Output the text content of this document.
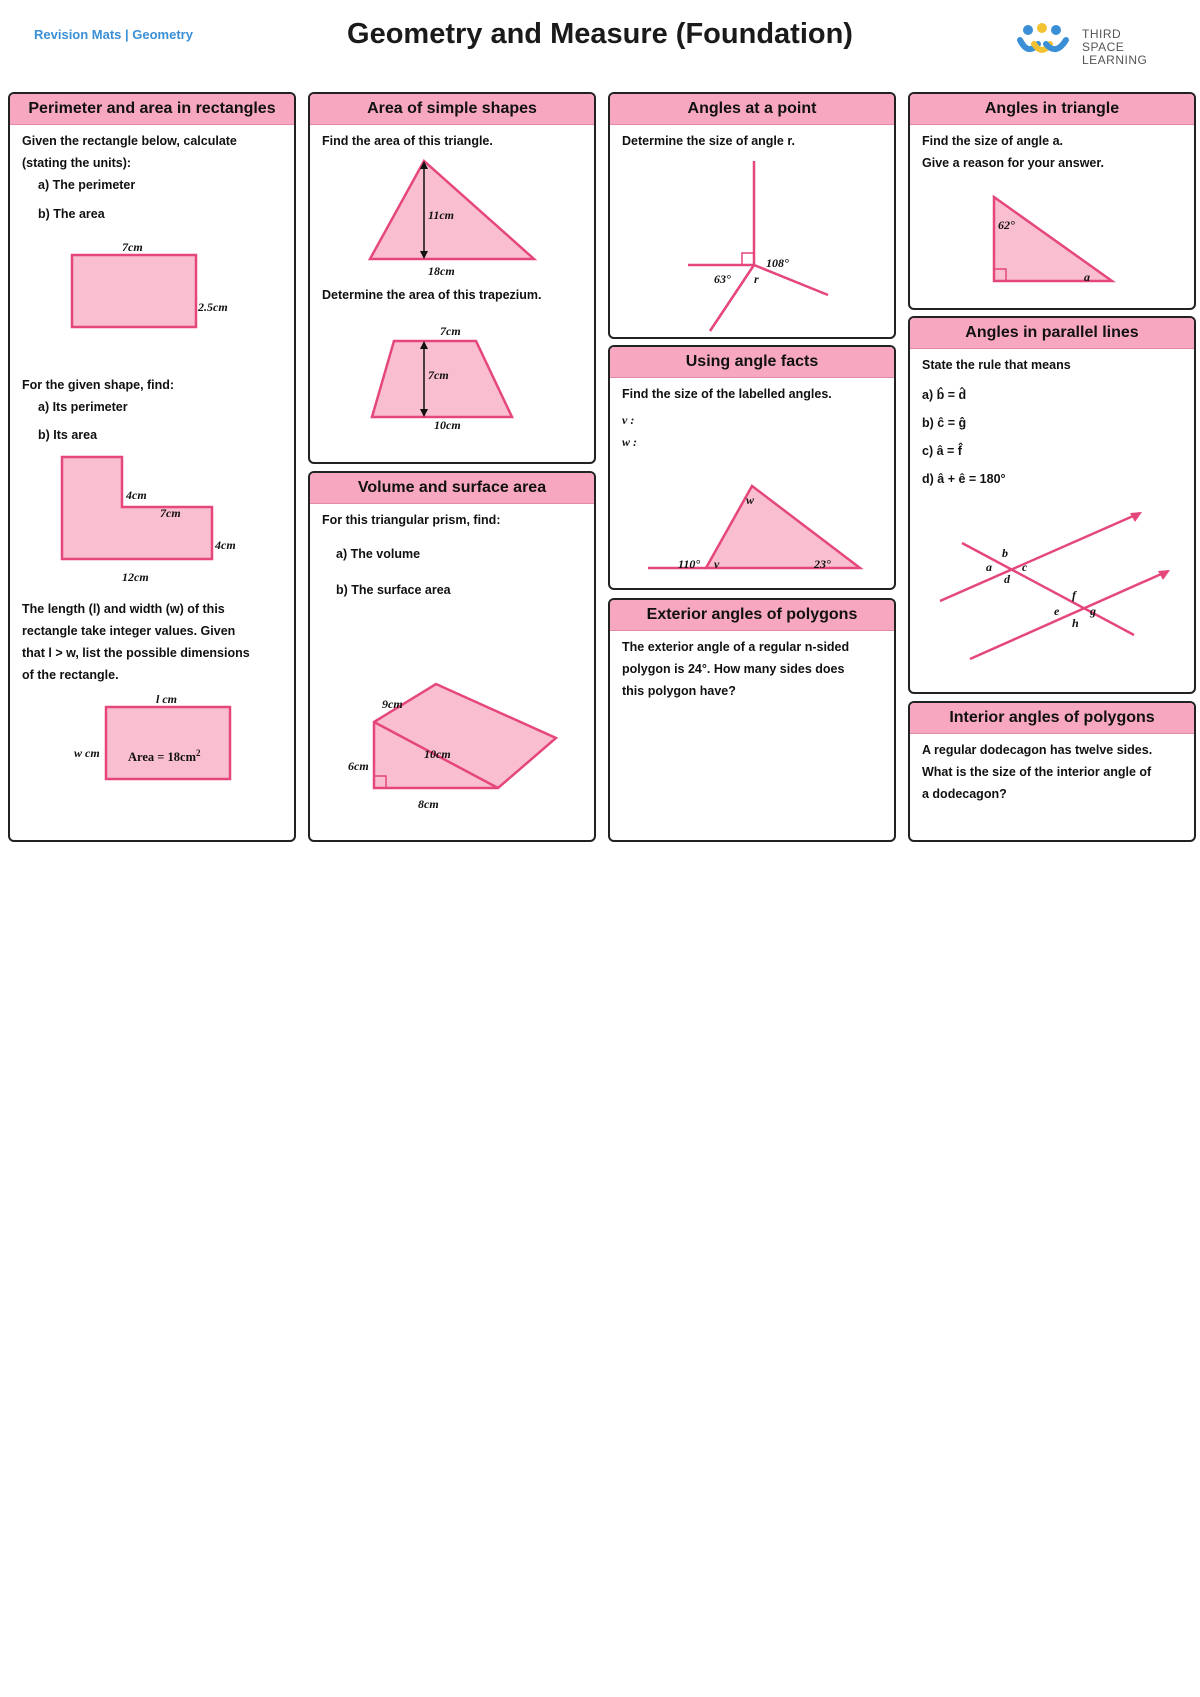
Revision Mats | Geometry	Geometry and Measure (Foundation)	THIRD SPACE
LEARNING
Perimeter and area in rectangles
Given the rectangle below, calculate
(stating the units):
a) The perimeter
b) The area
7cm
2.5cm
For the given shape, find:
a) Its perimeter
b) Its area
4cm
7cm
4cm
12cm
The length (l) and width (w) of this
rectangle take integer values. Given
that l > w, list the possible dimensions
of the rectangle.
l cm
w cm Area = $18cm^2$
Area of simple shapes
Find the area of this triangle.
11cm
18cm
Determine the area of this trapezium.
7cm
7cm
10cm
Volume and surface area
For this triangular prism, find:
a) The volume
b) The surface area
9cm
10cm
6cm
8cm
Angles at a point
Determine the size of angle r.
108°
63° r
Using angle facts
Find the size of the labelled angles.
v :
w :
w
110° v	23°
Exterior angles of polygons
The exterior angle of a regular n-sided
polygon is 24°. How many sides does
this polygon have?
Angles in triangle
Find the size of angle a.
Give a reason for your answer.
62°
a
Angles in parallel lines
State the rule that means
a) b̂ = d̂
b) ĉ = ĝ
c) â = f̂
d) â + ê = 180°
b
a	c
d
f
e	g
h
Interior angles of polygons
A regular dodecagon has twelve sides.
What is the size of the interior angle of
a dodecagon?
